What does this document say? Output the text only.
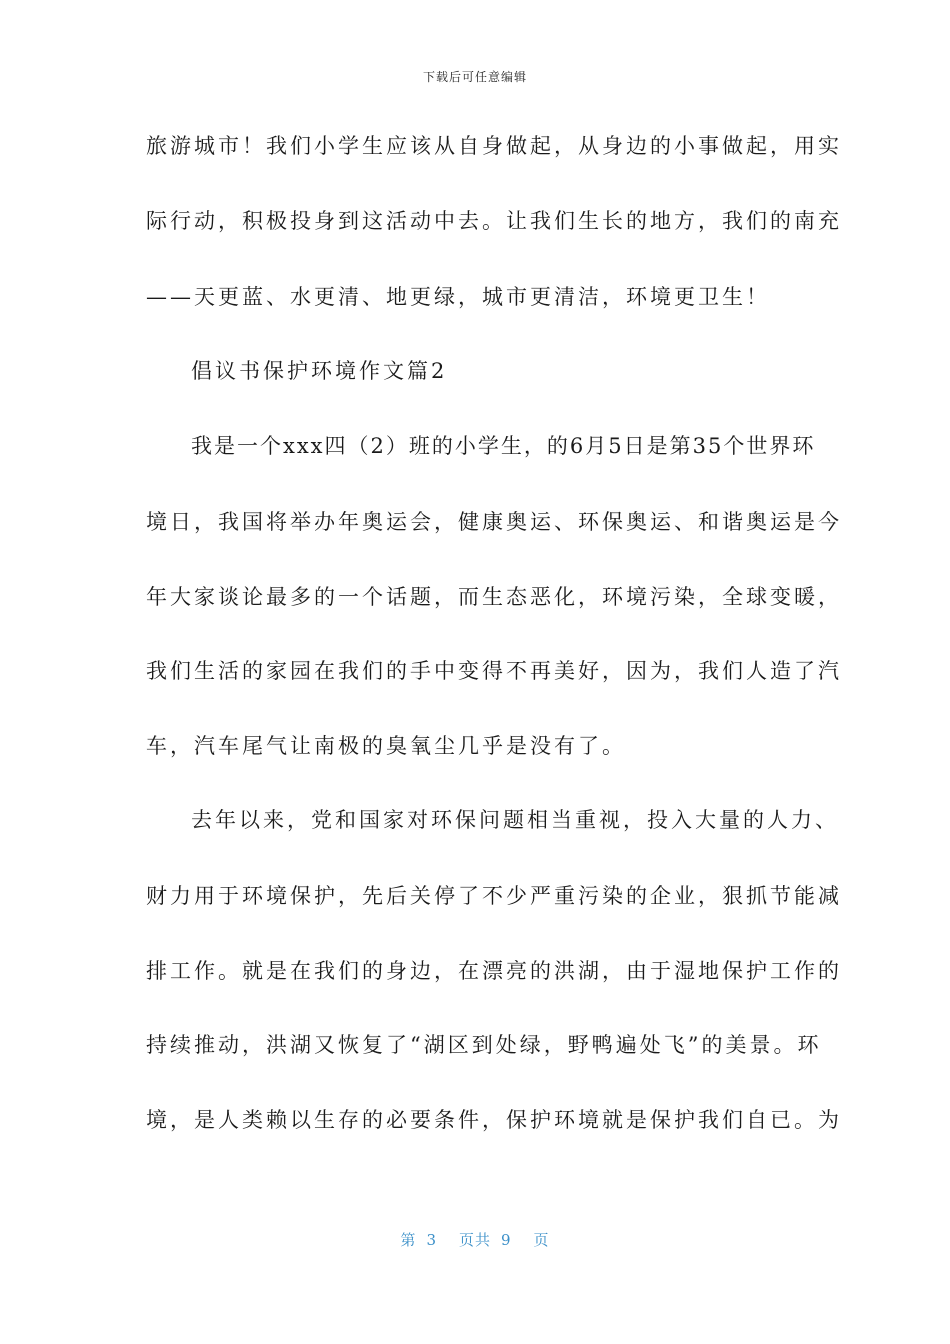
下载后可任意编辑
旅游城市！我们小学生应该从自身做起，从身边的小事做起，用实
际行动，积极投身到这活动中去。让我们生长的地方，我们的南充
——天更蓝、水更清、地更绿，城市更清洁，环境更卫生！
倡议书保护环境作文篇2
我是一个xxx四（2）班的小学生，的6月5日是第35个世界环
境日，我国将举办年奥运会，健康奥运、环保奥运、和谐奥运是今
年大家谈论最多的一个话题，而生态恶化，环境污染，全球变暖，
我们生活的家园在我们的手中变得不再美好，因为，我们人造了汽
车，汽车尾气让南极的臭氧尘几乎是没有了。
去年以来，党和国家对环保问题相当重视，投入大量的人力、
财力用于环境保护，先后关停了不少严重污染的企业，狠抓节能减
排工作。就是在我们的身边，在漂亮的洪湖，由于湿地保护工作的
持续推动，洪湖又恢复了“湖区到处绿，野鸭遍处飞”的美景。环
境，是人类赖以生存的必要条件，保护环境就是保护我们自已。为
第 3 页共 9 页
